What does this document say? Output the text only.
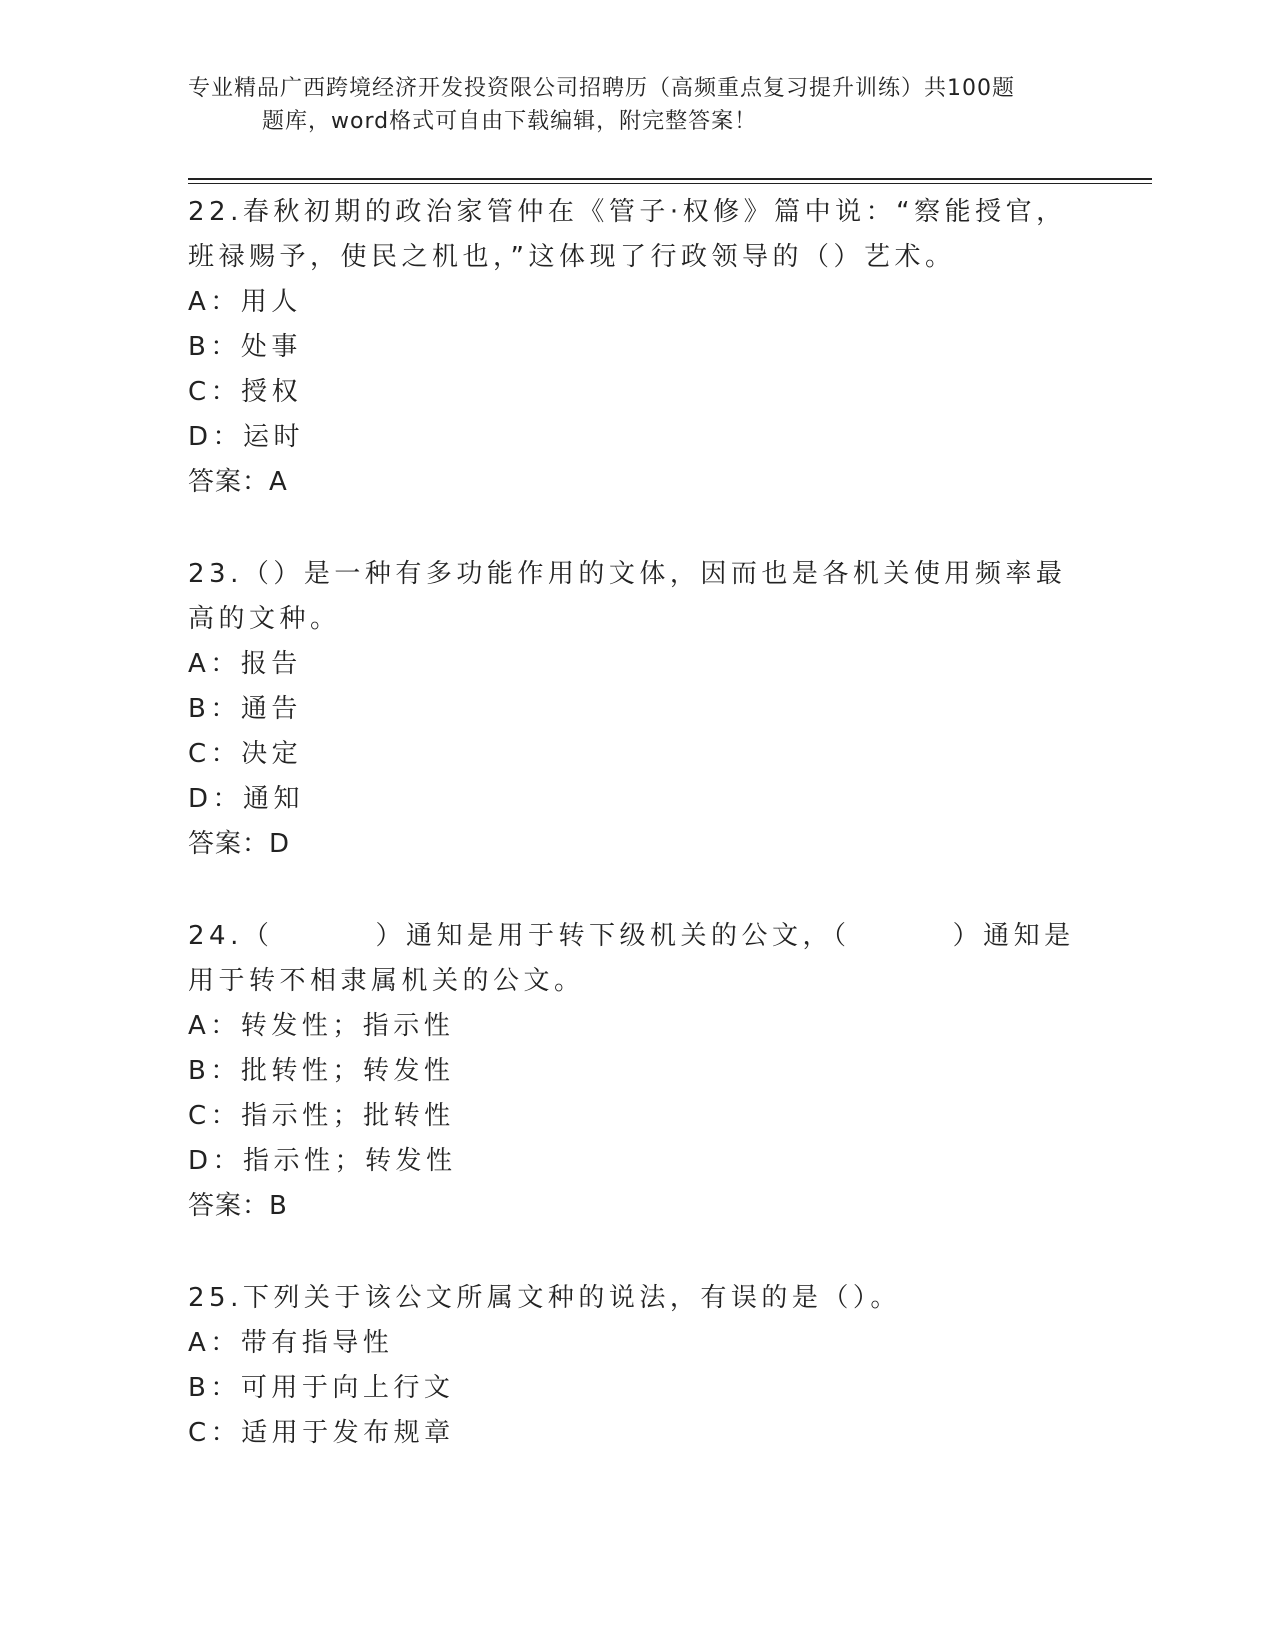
专业精品广西跨境经济开发投资限公司招聘历（高频重点复习提升训练）共100题
题库，word格式可自由下载编辑，附完整答案！

22.春秋初期的政治家管仲在《管子·权修》篇中说：“察能授官，班禄赐予，使民之机也，”这体现了行政领导的（）艺术。

A：用人
B：处事
C：授权
D：运时
答案：A

23.（）是一种有多功能作用的文体，因而也是各机关使用频率最高的文种。

A：报告
B：通告
C：决定
D：通知
答案：D

24.（        ）通知是用于转下级机关的公文，（        ）通知是用于转不相隶属机关的公文。

A：转发性；指示性
B：批转性；转发性
C：指示性；批转性
D：指示性；转发性
答案：B

25.下列关于该公文所属文种的说法，有误的是（）。

A：带有指导性
B：可用于向上行文
C：适用于发布规章
